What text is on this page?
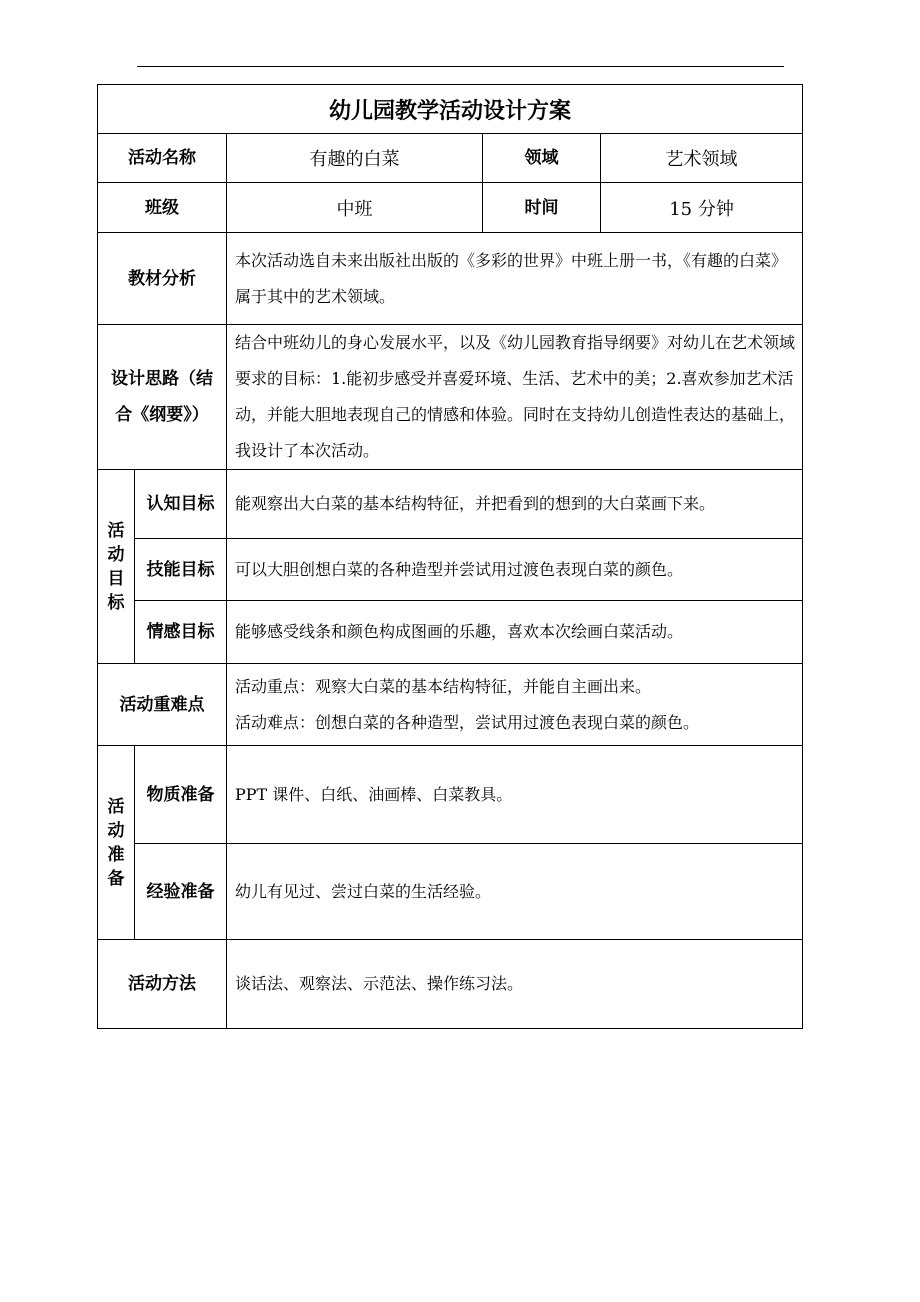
幼儿园教学活动设计方案				
活动名称		有趣的白菜	领域	艺术领域
班级		中班	时间	15 分钟
教材分析		本次活动选自未来出版社出版的《多彩的世界》中班上册一书，《有趣的白菜》属于其中的艺术领域。		

设计思路（结
合《纲要》）		结合中班幼儿的身心发展水平，以及《幼儿园教育指导纲要》对幼儿在艺术领域要求的目标：1.能初步感受并喜爱环境、生活、艺术中的美；2.喜欢参加艺术活动，并能大胆地表现自己的情感和体验。同时在支持幼儿创造性表达的基础上，我设计了本次活动。		

活
动
目
标	认知目标	能观察出大白菜的基本结构特征，并把看到的想到的大白菜画下来。		
	技能目标	可以大胆创想白菜的各种造型并尝试用过渡色表现白菜的颜色。		
	情感目标	能够感受线条和颜色构成图画的乐趣，喜欢本次绘画白菜活动。		
活动重难点		活动重点：观察大白菜的基本结构特征，并能自主画出来。
活动难点：创想白菜的各种造型，尝试用过渡色表现白菜的颜色。		

活
动
准
备	物质准备	PPT 课件、白纸、油画棒、白菜教具。		
	经验准备	幼儿有见过、尝过白菜的生活经验。		
活动方法		谈话法、观察法、示范法、操作练习法。		
